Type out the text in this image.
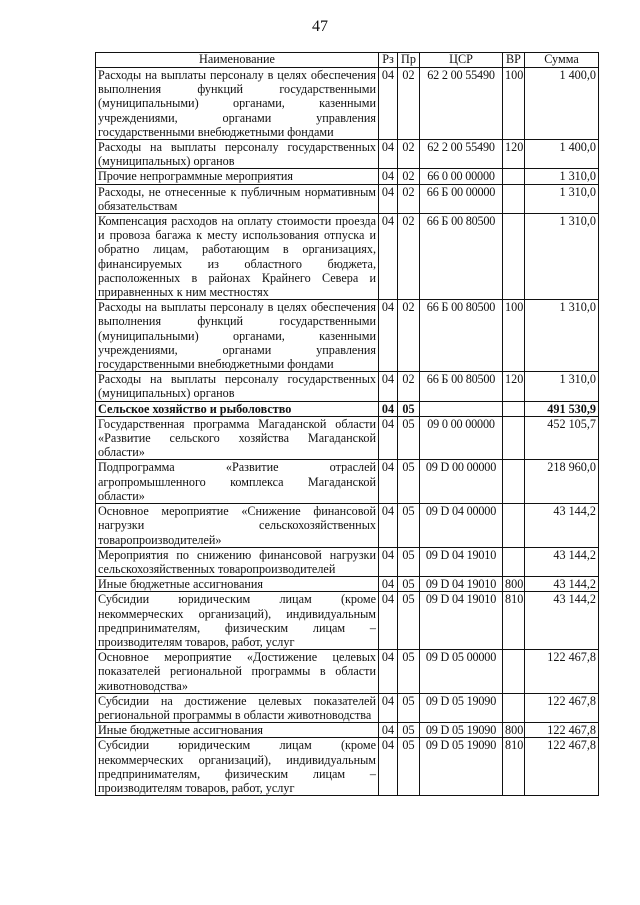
47
Наименование	Рз	Пр	ЦСР	ВР	Сумма
Расходы на выплаты персоналу в целях обеспечения выполнения функций государственными (муниципальными) органами, казенными учреждениями, органами управления государственными внебюджетными фондами	04	02	62 2 00 55490	100	1 400,0
Расходы на выплаты персоналу государственных (муниципальных) органов	04	02	62 2 00 55490	120	1 400,0
Прочие непрограммные мероприятия	04	02	66 0 00 00000		1 310,0
Расходы, не отнесенные к публичным нормативным обязательствам	04	02	66 Б 00 00000		1 310,0
Компенсация расходов на оплату стоимости проезда и провоза багажа к месту использования отпуска и обратно лицам, работающим в организациях, финансируемых из областного бюджета, расположенных в районах Крайнего Севера и приравненных к ним местностях	04	02	66 Б 00 80500		1 310,0
Расходы на выплаты персоналу в целях обеспечения выполнения функций государственными (муниципальными) органами, казенными учреждениями, органами управления государственными внебюджетными фондами	04	02	66 Б 00 80500	100	1 310,0
Расходы на выплаты персоналу государственных (муниципальных) органов	04	02	66 Б 00 80500	120	1 310,0
Сельское хозяйство и рыболовство	04	05			491 530,9
Государственная программа Магаданской области «Развитие сельского хозяйства Магаданской области»	04	05	09 0 00 00000		452 105,7
Подпрограмма «Развитие отраслей агропромышленного комплекса Магаданской области»	04	05	09 D 00 00000		218 960,0
Основное мероприятие «Снижение финансовой нагрузки сельскохозяйственных товаропроизводителей»	04	05	09 D 04 00000		43 144,2
Мероприятия по снижению финансовой нагрузки сельскохозяйственных товаропроизводителей	04	05	09 D 04 19010		43 144,2
Иные бюджетные ассигнования	04	05	09 D 04 19010	800	43 144,2
Субсидии юридическим лицам (кроме некоммерческих организаций), индивидуальным предпринимателям, физическим лицам – производителям товаров, работ, услуг	04	05	09 D 04 19010	810	43 144,2
Основное мероприятие «Достижение целевых показателей региональной программы в области животноводства»	04	05	09 D 05 00000		122 467,8
Субсидии на достижение целевых показателей региональной программы в области животноводства	04	05	09 D 05 19090		122 467,8
Иные бюджетные ассигнования	04	05	09 D 05 19090	800	122 467,8
Субсидии юридическим лицам (кроме некоммерческих организаций), индивидуальным предпринимателям, физическим лицам – производителям товаров, работ, услуг	04	05	09 D 05 19090	810	122 467,8
